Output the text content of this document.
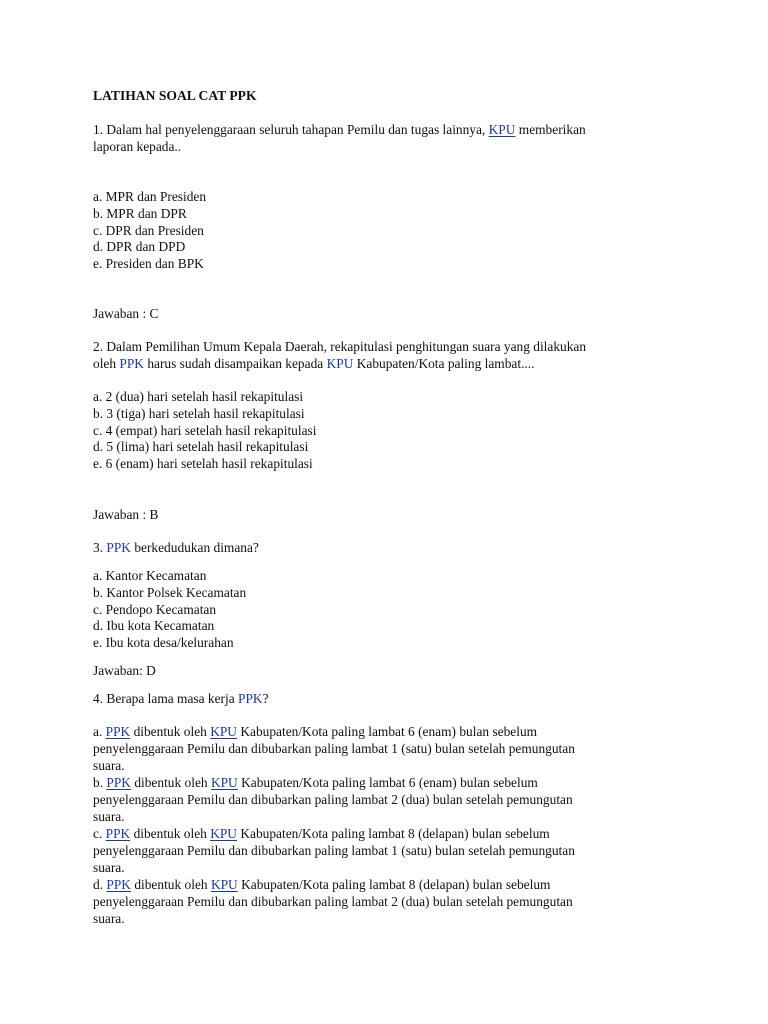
LATIHAN SOAL CAT PPK

1. Dalam hal penyelenggaraan seluruh tahapan Pemilu dan tugas lainnya, KPU memberikan
laporan kepada..

a. MPR dan Presiden
b. MPR dan DPR
c. DPR dan Presiden
d. DPR dan DPD
e. Presiden dan BPK

Jawaban : C

2. Dalam Pemilihan Umum Kepala Daerah, rekapitulasi penghitungan suara yang dilakukan
oleh PPK harus sudah disampaikan kepada KPU Kabupaten/Kota paling lambat....

a. 2 (dua) hari setelah hasil rekapitulasi
b. 3 (tiga) hari setelah hasil rekapitulasi
c. 4 (empat) hari setelah hasil rekapitulasi
d. 5 (lima) hari setelah hasil rekapitulasi
e. 6 (enam) hari setelah hasil rekapitulasi

Jawaban : B

3. PPK berkedudukan dimana?

a. Kantor Kecamatan
b. Kantor Polsek Kecamatan
c. Pendopo Kecamatan
d. Ibu kota Kecamatan
e. Ibu kota desa/kelurahan

Jawaban: D

4. Berapa lama masa kerja PPK?

a. PPK dibentuk oleh KPU Kabupaten/Kota paling lambat 6 (enam) bulan sebelum
penyelenggaraan Pemilu dan dibubarkan paling lambat 1 (satu) bulan setelah pemungutan
suara.
b. PPK dibentuk oleh KPU Kabupaten/Kota paling lambat 6 (enam) bulan sebelum
penyelenggaraan Pemilu dan dibubarkan paling lambat 2 (dua) bulan setelah pemungutan
suara.
c. PPK dibentuk oleh KPU Kabupaten/Kota paling lambat 8 (delapan) bulan sebelum
penyelenggaraan Pemilu dan dibubarkan paling lambat 1 (satu) bulan setelah pemungutan
suara.
d. PPK dibentuk oleh KPU Kabupaten/Kota paling lambat 8 (delapan) bulan sebelum
penyelenggaraan Pemilu dan dibubarkan paling lambat 2 (dua) bulan setelah pemungutan
suara.
